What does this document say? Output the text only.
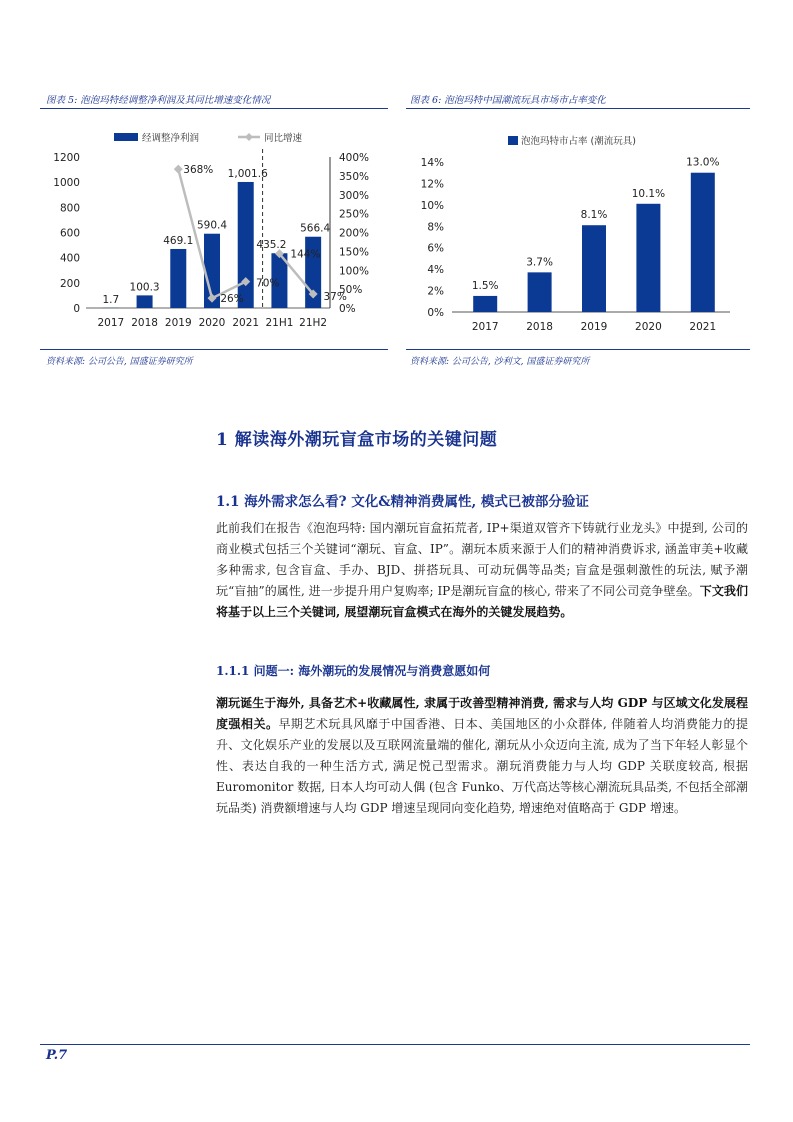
图表 5: 泡泡玛特经调整净利润及其同比增速变化情况
经调整净利润	同比增速
0
200
400
600
800
1000
1200
0%
50%
100%
150%
200%
250%
300%
350%
400%
2017 2018 2019 2020 2021 21H1 21H2
1.7
100.3
469.1
590.4
1,001.6
435.2
566.4
368%
26%
70%
144%
37%
资料来源: 公司公告, 国盛证券研究所
图表 6: 泡泡玛特中国潮流玩具市场市占率变化
泡泡玛特市占率 (潮流玩具)
0%
2%
4%
6%
8%
10%
12%
14%
1.5%
2017
3.7%
2018
8.1%
2019
10.1%
2020
13.0%
2021
资料来源: 公司公告, 沙利文, 国盛证券研究所
1 解读海外潮玩盲盒市场的关键问题
1.1 海外需求怎么看? 文化&精神消费属性, 模式已被部分验证
此前我们在报告《泡泡玛特: 国内潮玩盲盒拓荒者, IP+渠道双管齐下铸就行业龙头》中提到, 公司的商业模式包括三个关键词“潮玩、盲盒、IP”。潮玩本质来源于人们的精神消费诉求, 涵盖审美+收藏多种需求, 包含盲盒、手办、BJD、拼搭玩具、可动玩偶等品类; 盲盒是强刺激性的玩法, 赋予潮玩“盲抽”的属性, 进一步提升用户复购率; IP是潮玩盲盒的核心, 带来了不同公司竞争壁垒。下文我们将基于以上三个关键词, 展望潮玩盲盒模式在海外的关键发展趋势。
1.1.1 问题一: 海外潮玩的发展情况与消费意愿如何
潮玩诞生于海外, 具备艺术+收藏属性, 隶属于改善型精神消费, 需求与人均 GDP 与区域文化发展程度强相关。早期艺术玩具风靡于中国香港、日本、美国地区的小众群体, 伴随着人均消费能力的提升、文化娱乐产业的发展以及互联网流量端的催化, 潮玩从小众迈向主流, 成为了当下年轻人彰显个性、表达自我的一种生活方式, 满足悦己型需求。潮玩消费能力与人均 GDP 关联度较高, 根据 Euromonitor 数据, 日本人均可动人偶 (包含 Funko、万代高达等核心潮流玩具品类, 不包括全部潮玩品类) 消费额增速与人均 GDP 增速呈现同向变化趋势, 增速绝对值略高于 GDP 增速。
P.7
